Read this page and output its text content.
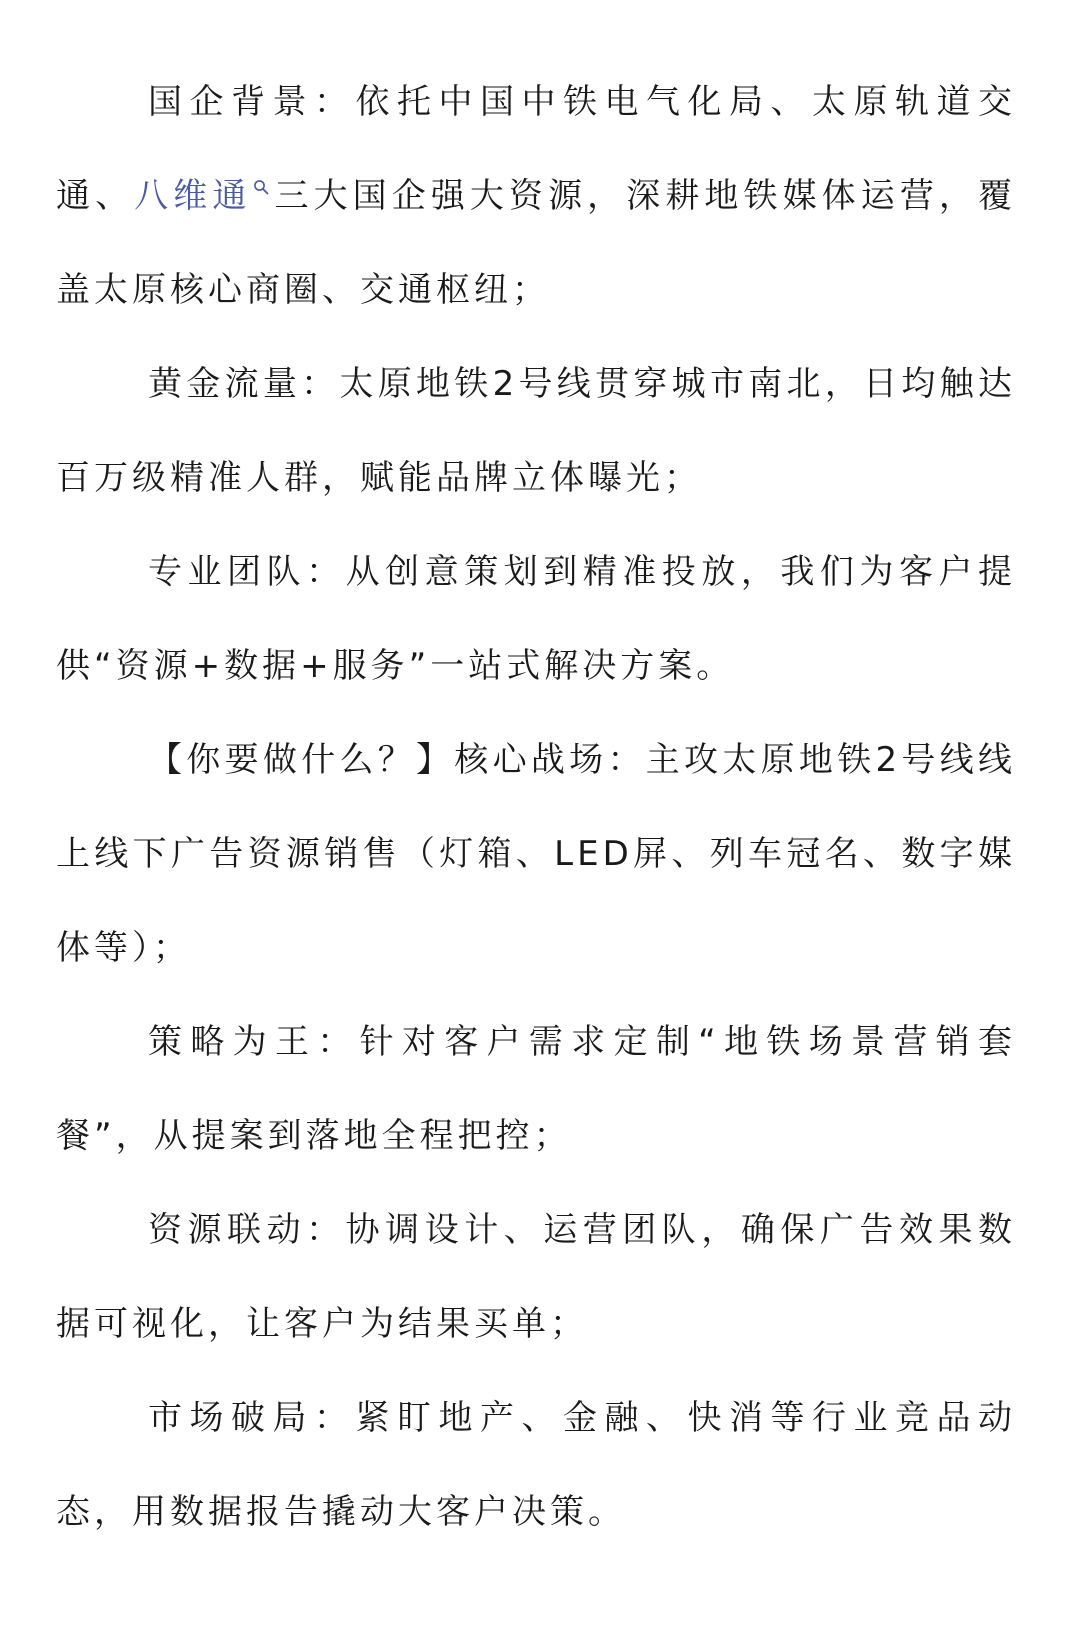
国企背景：依托中国中铁电气化局、太原轨道交通、八维通 三大国企强大资源，深耕地铁媒体运营，覆盖太原核心商圈、交通枢纽；

黄金流量：太原地铁2号线贯穿城市南北，日均触达百万级精准人群，赋能品牌立体曝光；

专业团队：从创意策划到精准投放，我们为客户提供“资源+数据+服务”一站式解决方案。

【你要做什么？】核心战场：主攻太原地铁2号线线上线下广告资源销售（灯箱、LED屏、列车冠名、数字媒体等）；

策略为王：针对客户需求定制“地铁场景营销套餐”，从提案到落地全程把控；

资源联动：协调设计、运营团队，确保广告效果数据可视化，让客户为结果买单；

市场破局：紧盯地产、金融、快消等行业竞品动态，用数据报告撬动大客户决策。
